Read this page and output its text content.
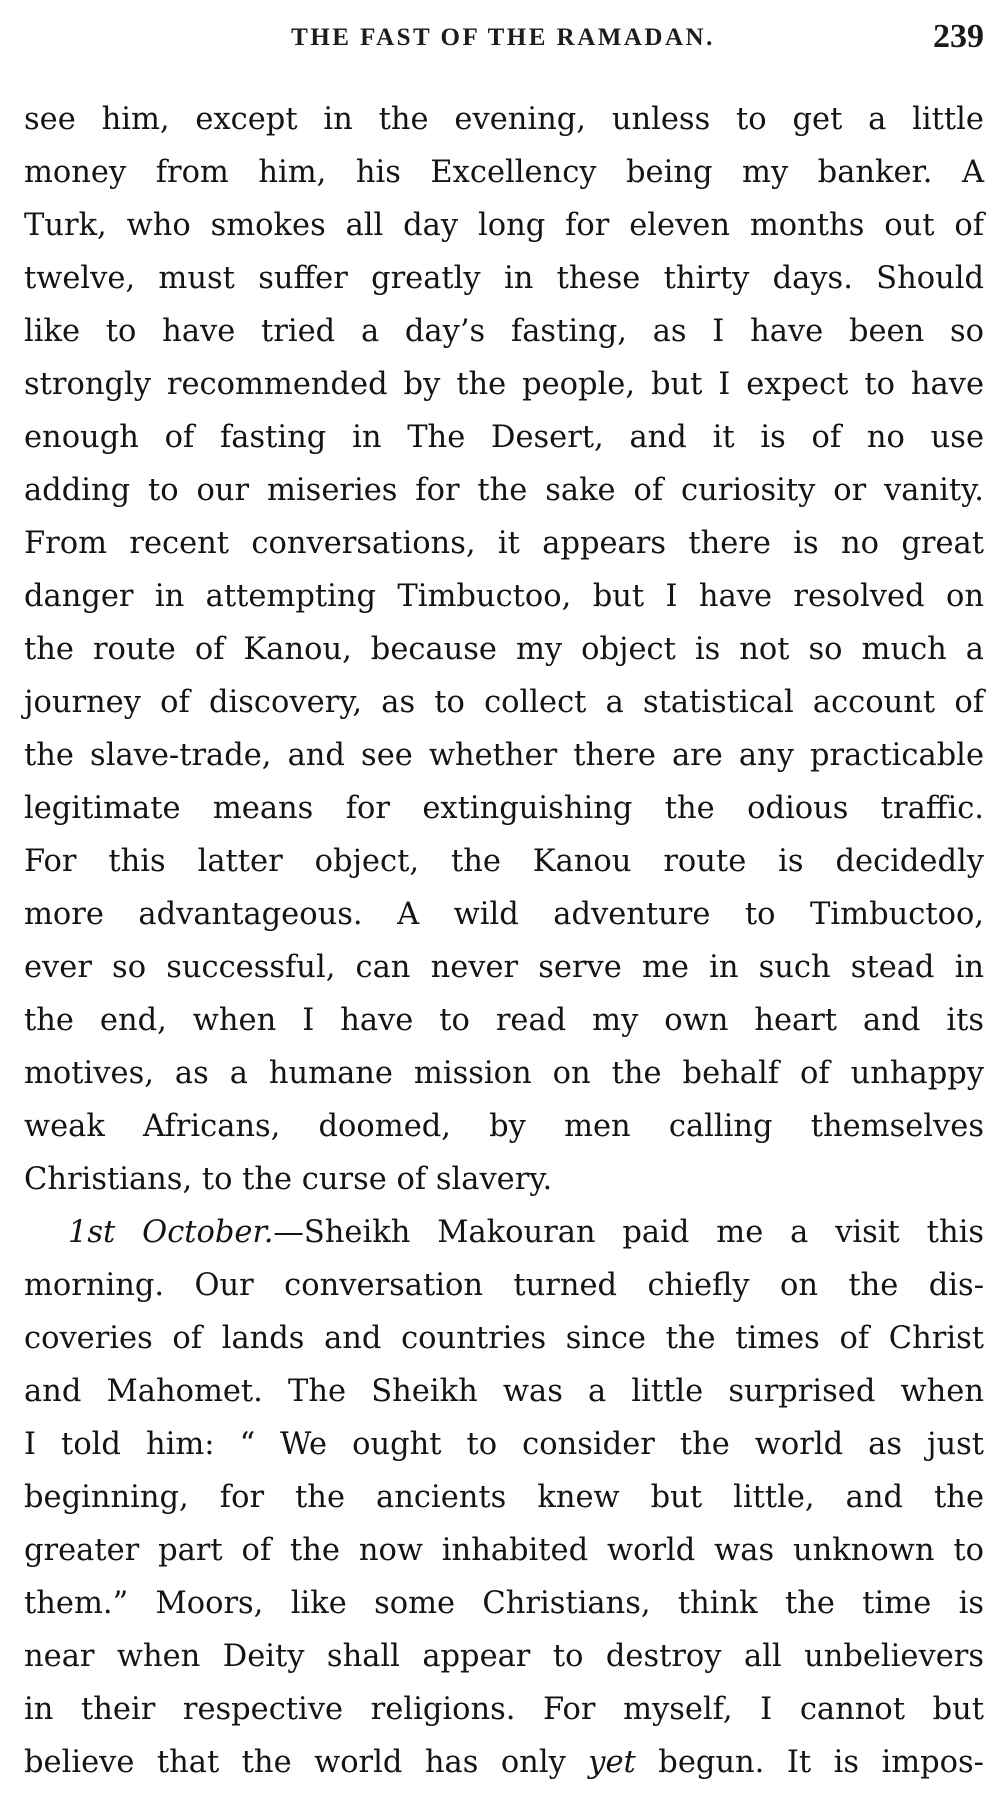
THE FAST OF THE RAMADAN.	239
see him, except in the evening, unless to get a little
money from him, his Excellency being my banker. A
Turk, who smokes all day long for eleven months out of
twelve, must suffer greatly in these thirty days. Should
like to have tried a day’s fasting, as I have been so
strongly recommended by the people, but I expect to have
enough of fasting in The Desert, and it is of no use
adding to our miseries for the sake of curiosity or vanity.
From recent conversations, it appears there is no great
danger in attempting Timbuctoo, but I have resolved on
the route of Kanou, because my object is not so much a
journey of discovery, as to collect a statistical account of
the slave-trade, and see whether there are any practicable
legitimate means for extinguishing the odious traffic.
For this latter object, the Kanou route is decidedly
more advantageous. A wild adventure to Timbuctoo,
ever so successful, can never serve me in such stead in
the end, when I have to read my own heart and its
motives, as a humane mission on the behalf of unhappy
weak Africans, doomed, by men calling themselves
Christians, to the curse of slavery.
1st October.—Sheikh Makouran paid me a visit this
morning. Our conversation turned chiefly on the dis-
coveries of lands and countries since the times of Christ
and Mahomet. The Sheikh was a little surprised when
I told him: “ We ought to consider the world as just
beginning, for the ancients knew but little, and the
greater part of the now inhabited world was unknown to
them.” Moors, like some Christians, think the time is
near when Deity shall appear to destroy all unbelievers
in their respective religions. For myself, I cannot but
believe that the world has only yet begun. It is impos-
